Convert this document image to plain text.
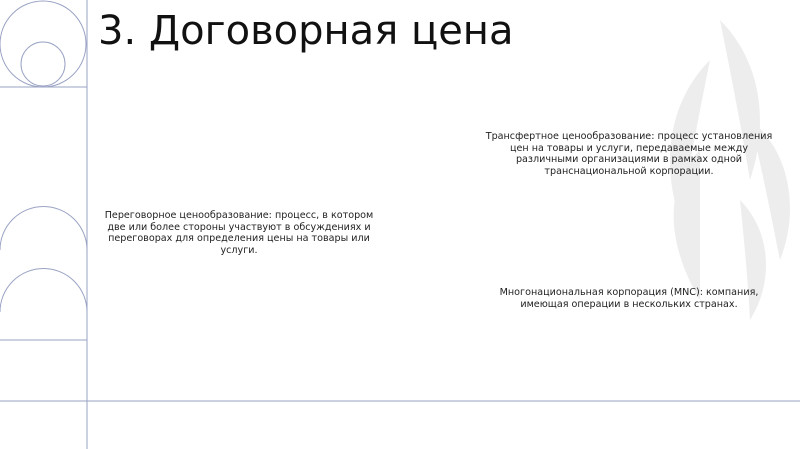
3. Договорная цена

Переговорное ценообразование: процесс, в котором две или более стороны участвуют в обсуждениях и переговорах для определения цены на товары или услуги.

Трансфертное ценообразование: процесс установления цен на товары и услуги, передаваемые между различными организациями в рамках одной транснациональной корпорации.

Многонациональная корпорация (MNC): компания, имеющая операции в нескольких странах.
